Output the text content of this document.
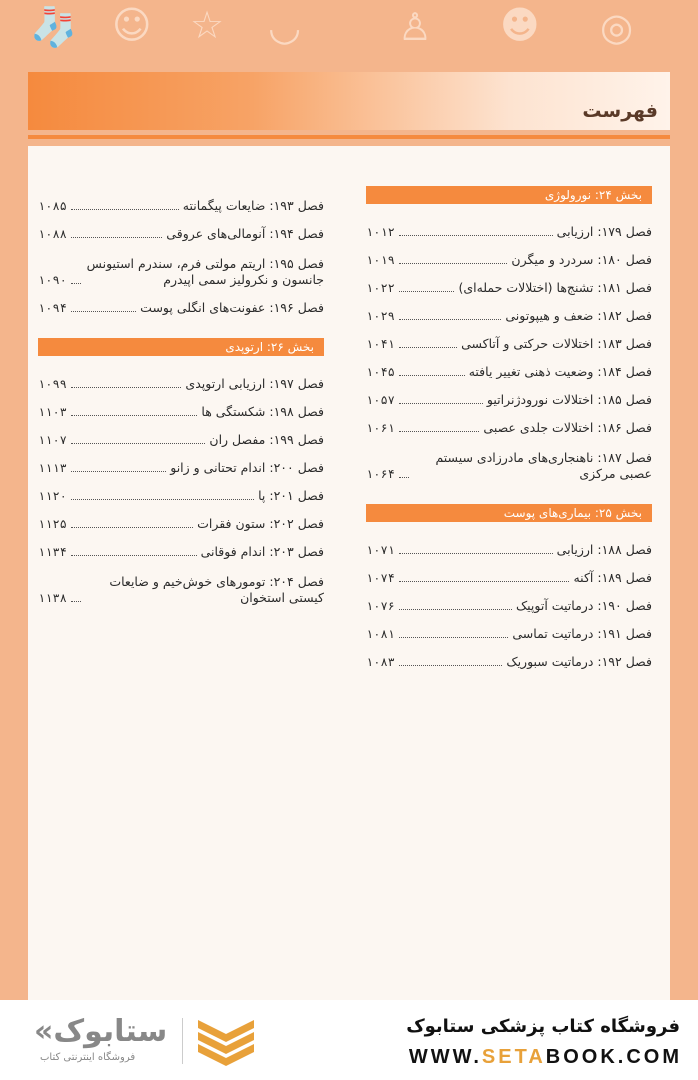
🧦 ☺ ☆ ◡	♙ ☻ ◎
فهرست
بخش ۲۴: نورولوژی
فصل ۱۷۹: ارزیابی
۱۰۱۲
فصل ۱۸۰: سردرد و میگرن
۱۰۱۹
فصل ۱۸۱: تشنج‌ها (اختلالات حمله‌ای)
۱۰۲۲
فصل ۱۸۲: ضعف و هیپوتونی
۱۰۲۹
فصل ۱۸۳: اختلالات حرکتی و آتاکسی
۱۰۴۱
فصل ۱۸۴: وضعیت ذهنی تغییر یافته
۱۰۴۵
فصل ۱۸۵: اختلالات نورودژنراتیو
۱۰۵۷
فصل ۱۸۶: اختلالات جلدی عصبی
۱۰۶۱
فصل ۱۸۷: ناهنجاری‌های مادرزادی سیستم عصبی مرکزی
۱۰۶۴
بخش ۲۵: بیماری‌های پوست
فصل ۱۸۸: ارزیابی
۱۰۷۱
فصل ۱۸۹: آکنه
۱۰۷۴
فصل ۱۹۰: درماتیت آتوپیک
۱۰۷۶
فصل ۱۹۱: درماتیت تماسی
۱۰۸۱
فصل ۱۹۲: درماتیت سبوریک
۱۰۸۳
فصل ۱۹۳: ضایعات پیگمانته
۱۰۸۵
فصل ۱۹۴: آنومالی‌های عروقی
۱۰۸۸
فصل ۱۹۵: اریتم مولتی فرم، سندرم استیونس جانسون و نکرولیز سمی اپیدرم
۱۰۹۰
فصل ۱۹۶: عفونت‌های انگلی پوست
۱۰۹۴
بخش ۲۶: ارتوپدی
فصل ۱۹۷: ارزیابی ارتوپدی
۱۰۹۹
فصل ۱۹۸: شکستگی ها
۱۱۰۳
فصل ۱۹۹: مفصل ران
۱۱۰۷
فصل ۲۰۰: اندام تحتانی و زانو
۱۱۱۳
فصل ۲۰۱: پا
۱۱۲۰
فصل ۲۰۲: ستون فقرات
۱۱۲۵
فصل ۲۰۳: اندام فوقانی
۱۱۳۴
فصل ۲۰۴: تومورهای خوش‌خیم و ضایعات کیستی استخوان
۱۱۳۸
فروشگاه کتاب پزشکی ستابوک
WWW.SETABOOK.COM
«ستابوک
فروشگاه اینترنتی کتاب
